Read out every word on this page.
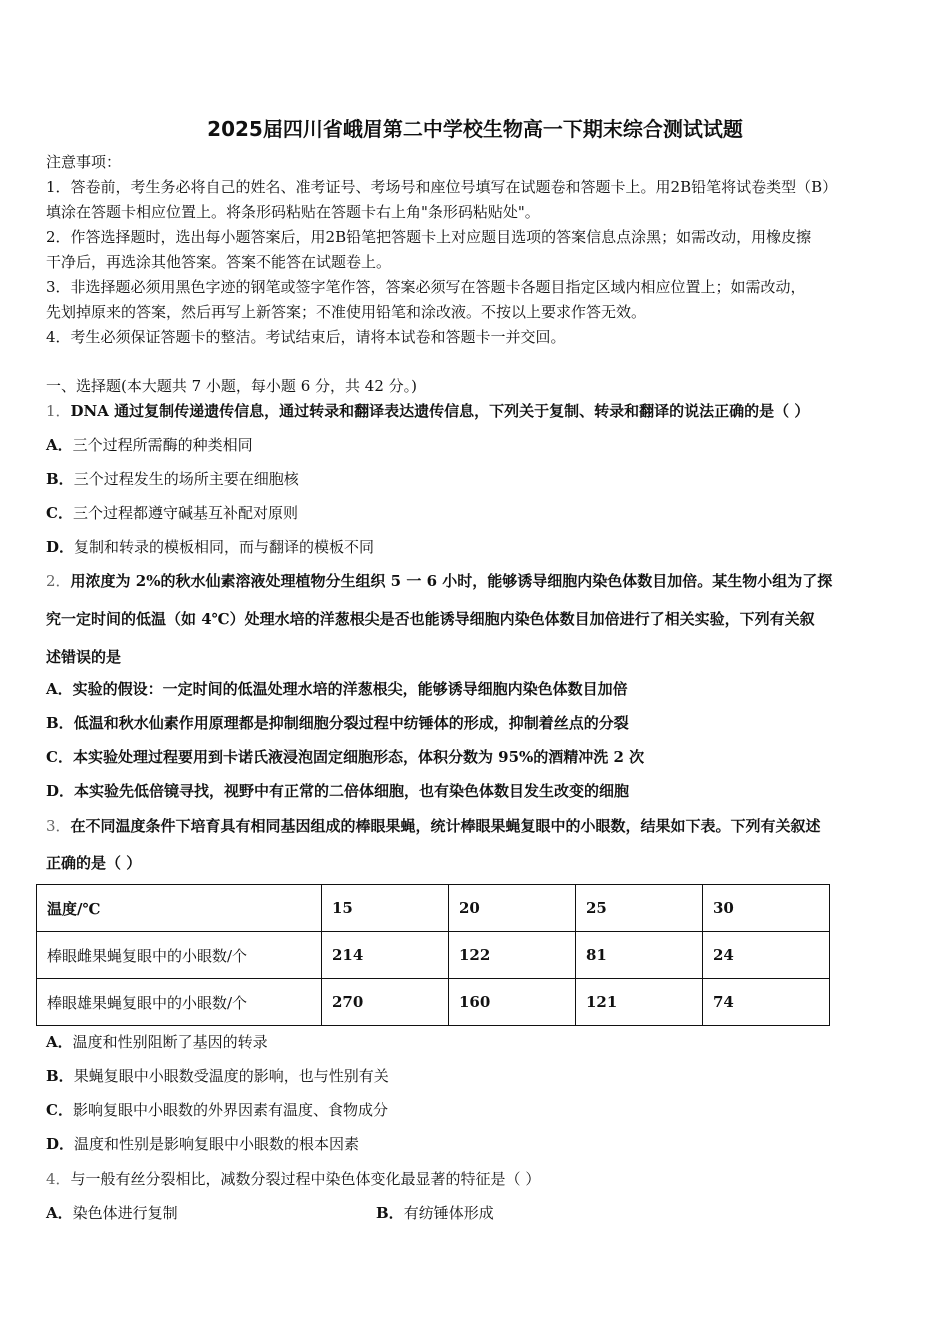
2025届四川省峨眉第二中学校生物高一下期末综合测试试题
注意事项：
1．答卷前，考生务必将自己的姓名、准考证号、考场号和座位号填写在试题卷和答题卡上。用2B铅笔将试卷类型（B）
填涂在答题卡相应位置上。将条形码粘贴在答题卡右上角"条形码粘贴处"。
2．作答选择题时，选出每小题答案后，用2B铅笔把答题卡上对应题目选项的答案信息点涂黑；如需改动，用橡皮擦
干净后，再选涂其他答案。答案不能答在试题卷上。
3．非选择题必须用黑色字迹的钢笔或签字笔作答，答案必须写在答题卡各题目指定区域内相应位置上；如需改动，
先划掉原来的答案，然后再写上新答案；不准使用铅笔和涂改液。不按以上要求作答无效。
4．考生必须保证答题卡的整洁。考试结束后，请将本试卷和答题卡一并交回。
一、选择题(本大题共 7 小题，每小题 6 分，共 42 分。)
1．DNA 通过复制传递遗传信息，通过转录和翻译表达遗传信息，下列关于复制、转录和翻译的说法正确的是（ ）
A．三个过程所需酶的种类相同
B．三个过程发生的场所主要在细胞核
C．三个过程都遵守碱基互补配对原则
D．复制和转录的模板相同，而与翻译的模板不同
2．用浓度为 2%的秋水仙素溶液处理植物分生组织 5 一 6 小时，能够诱导细胞内染色体数目加倍。某生物小组为了探
究一定时间的低温（如 4℃）处理水培的洋葱根尖是否也能诱导细胞内染色体数目加倍进行了相关实验，下列有关叙
述错误的是
A．实验的假设：一定时间的低温处理水培的洋葱根尖，能够诱导细胞内染色体数目加倍
B．低温和秋水仙素作用原理都是抑制细胞分裂过程中纺锤体的形成，抑制着丝点的分裂
C．本实验处理过程要用到卡诺氏液浸泡固定细胞形态，体积分数为 95%的酒精冲洗 2 次
D．本实验先低倍镜寻找，视野中有正常的二倍体细胞，也有染色体数目发生改变的细胞
3．在不同温度条件下培育具有相同基因组成的棒眼果蝇，统计棒眼果蝇复眼中的小眼数，结果如下表。下列有关叙述
正确的是（ ）
温度/℃	15	20	25	30
棒眼雌果蝇复眼中的小眼数/个	214	122	81	24
棒眼雄果蝇复眼中的小眼数/个	270	160	121	74
A．温度和性别阻断了基因的转录
B．果蝇复眼中小眼数受温度的影响，也与性别有关
C．影响复眼中小眼数的外界因素有温度、食物成分
D．温度和性别是影响复眼中小眼数的根本因素
4．与一般有丝分裂相比，减数分裂过程中染色体变化最显著的特征是（ ）
A．染色体进行复制	B．有纺锤体形成
